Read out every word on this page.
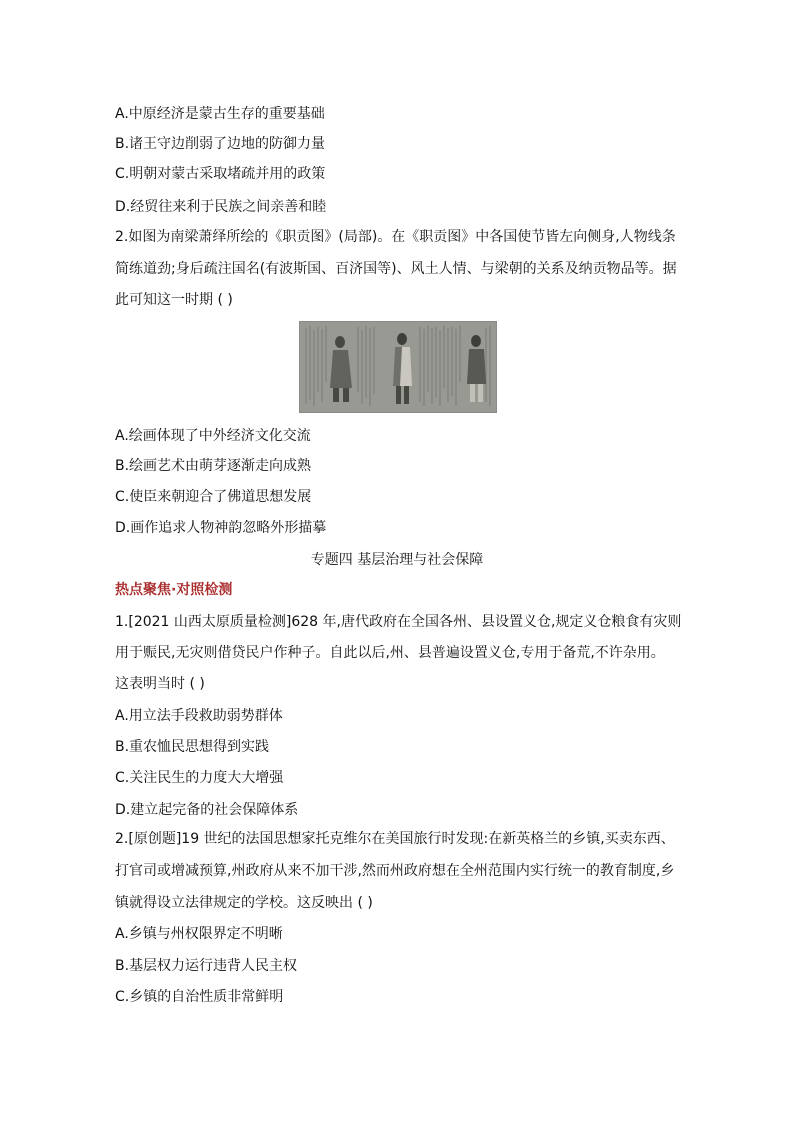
A.中原经济是蒙古生存的重要基础
B.诸王守边削弱了边地的防御力量
C.明朝对蒙古采取堵疏并用的政策
D.经贸往来利于民族之间亲善和睦
2.如图为南梁萧绎所绘的《职贡图》(局部)。在《职贡图》中各国使节皆左向侧身,人物线条
简练道劲;身后疏注国名(有波斯国、百济国等)、风土人情、与梁朝的关系及纳贡物品等。据
此可知这一时期 ( )
A.绘画体现了中外经济文化交流
B.绘画艺术由萌芽逐渐走向成熟
C.使臣来朝迎合了佛道思想发展
D.画作追求人物神韵忽略外形描摹
专题四 基层治理与社会保障
热点聚焦·对照检测
1.[2021 山西太原质量检测]628 年,唐代政府在全国各州、县设置义仓,规定义仓粮食有灾则
用于赈民,无灾则借贷民户作种子。自此以后,州、县普遍设置义仓,专用于备荒,不许杂用。
这表明当时 ( )
A.用立法手段救助弱势群体
B.重农恤民思想得到实践
C.关注民生的力度大大增强
D.建立起完备的社会保障体系
2.[原创题]19 世纪的法国思想家托克维尔在美国旅行时发现:在新英格兰的乡镇,买卖东西、
打官司或增减预算,州政府从来不加干涉,然而州政府想在全州范围内实行统一的教育制度,乡
镇就得设立法律规定的学校。这反映出 ( )
A.乡镇与州权限界定不明晰
B.基层权力运行违背人民主权
C.乡镇的自治性质非常鲜明
